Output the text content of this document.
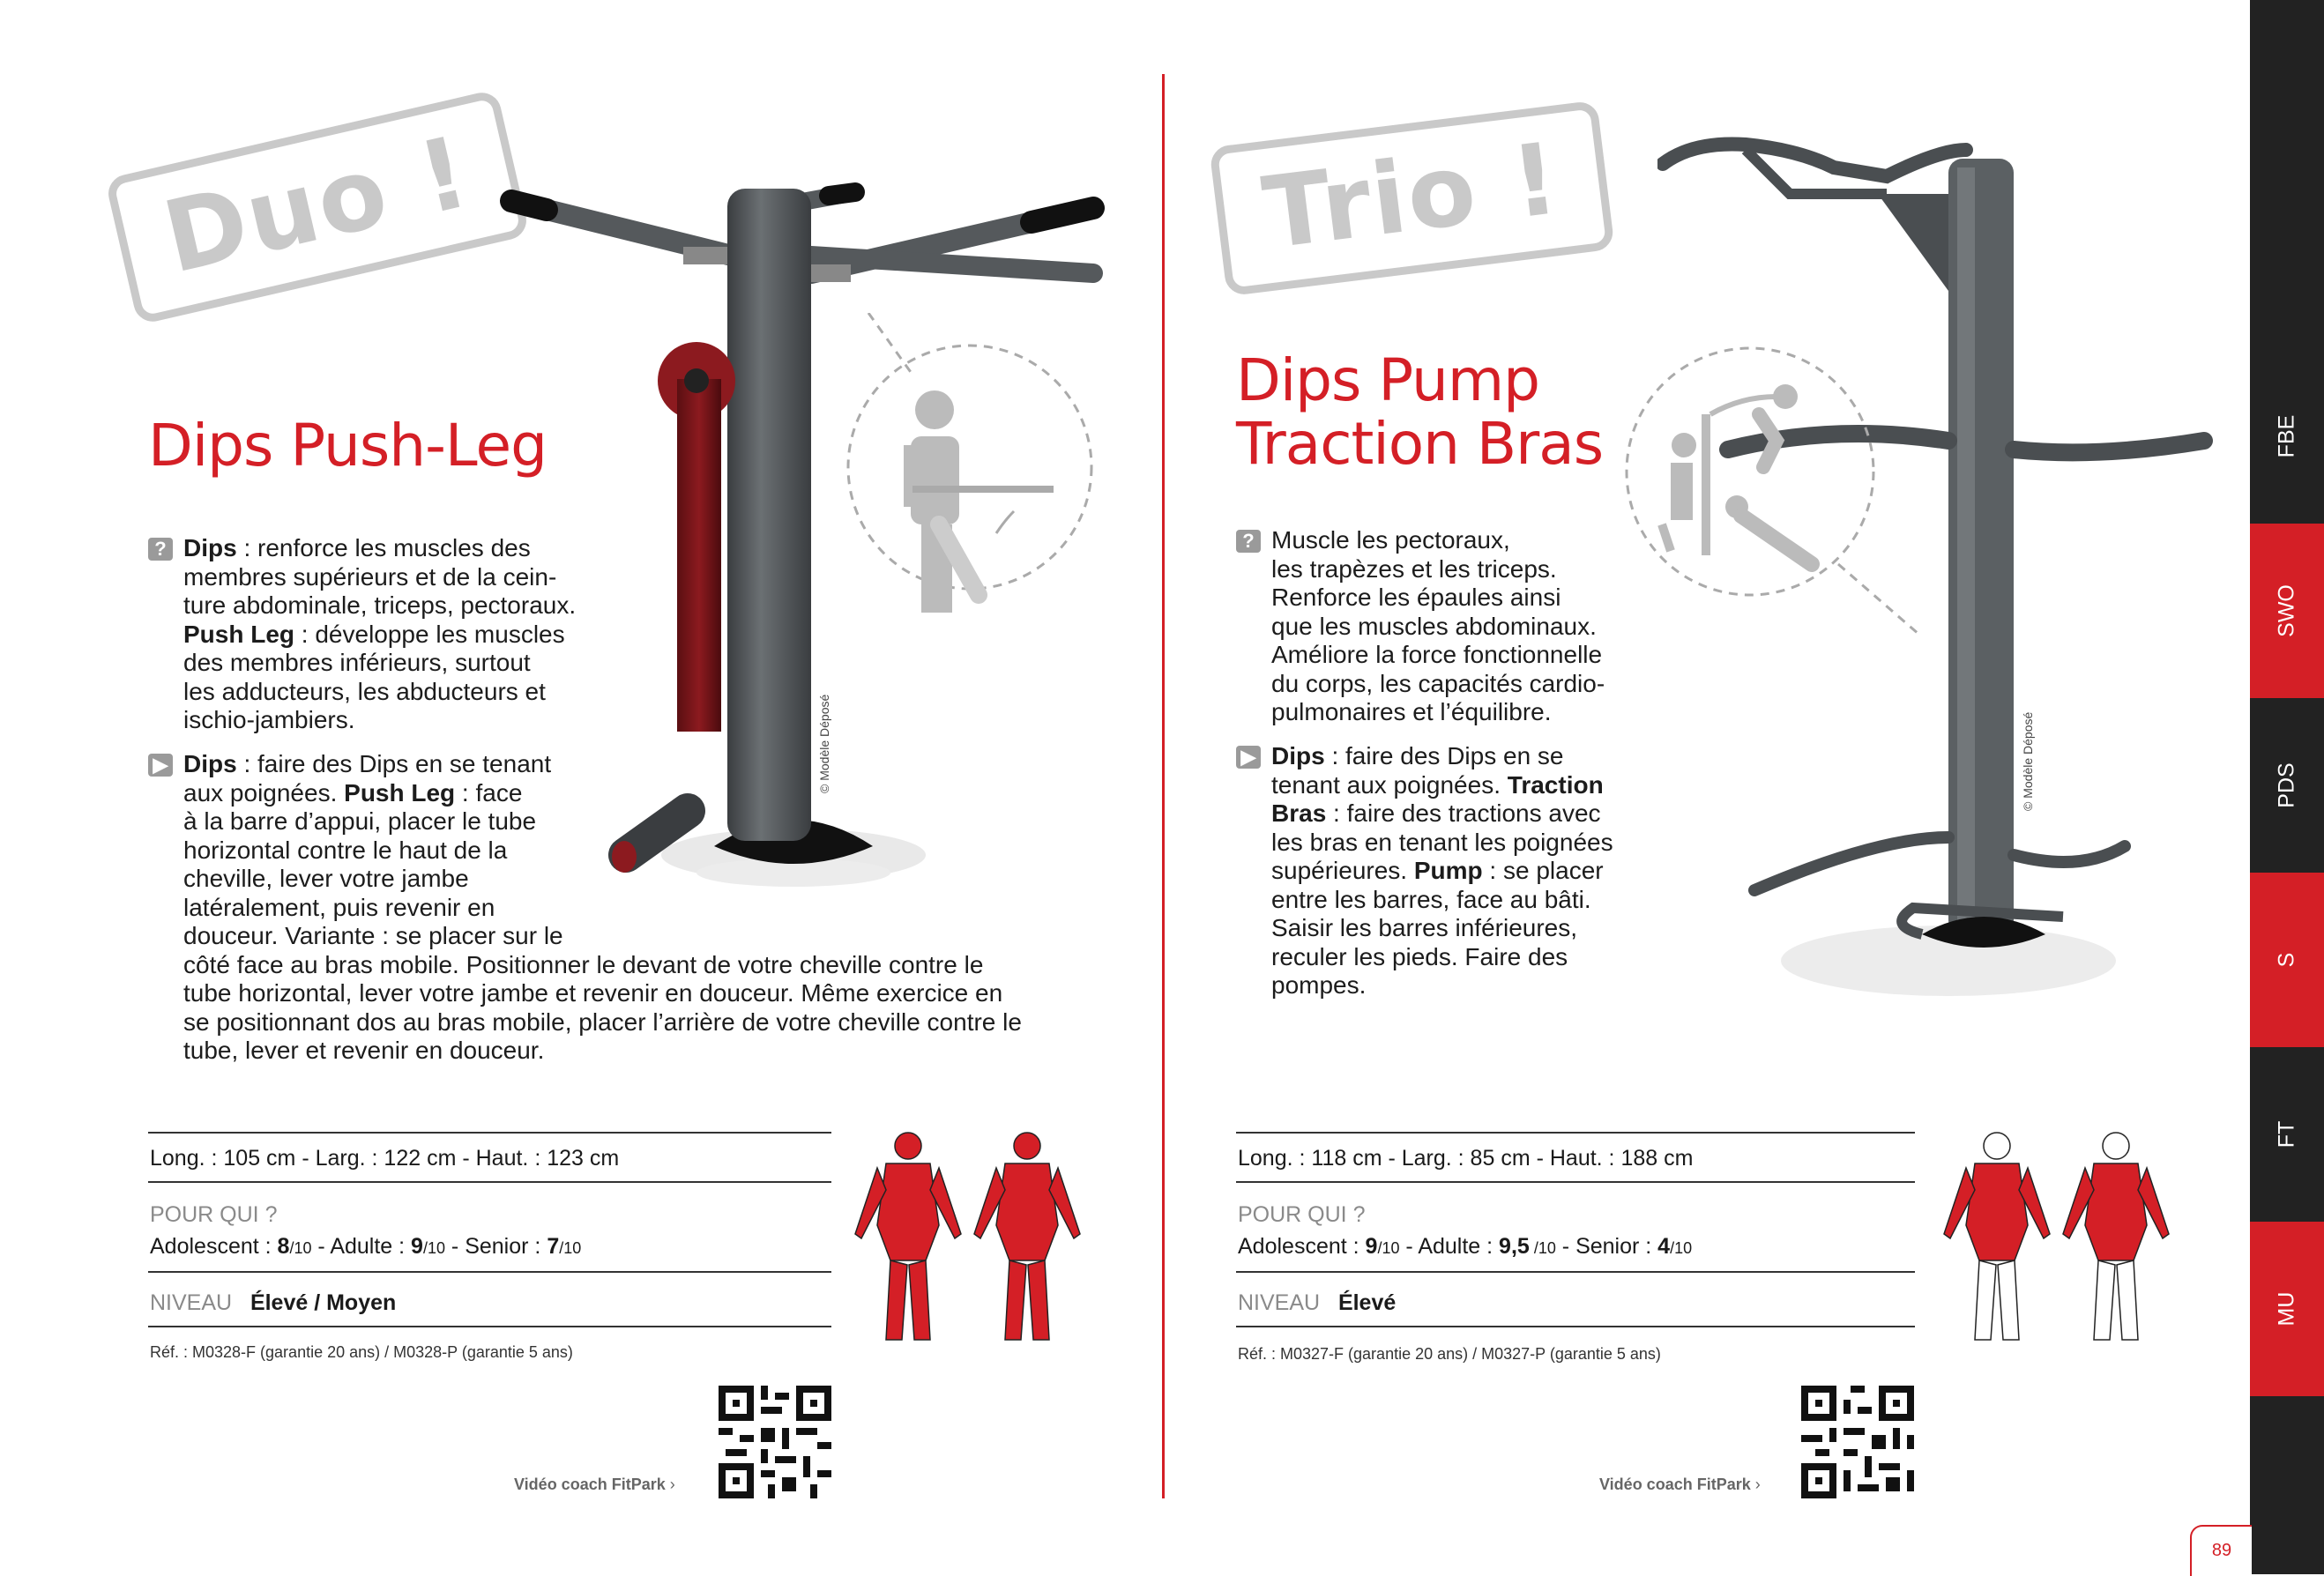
Duo !
© Modèle Déposé
Dips Push-Leg
? Dips : renforce les muscles des
membres supérieurs et de la cein-
ture abdominale, triceps, pectoraux.
Push Leg : développe les muscles
des membres inférieurs, surtout
les adducteurs, les abducteurs et
ischio-jambiers.
▶ Dips : faire des Dips en se tenant
aux poignées. Push Leg : face
à la barre d’appui, placer le tube
horizontal contre le haut de la
cheville, lever votre jambe
latéralement, puis revenir en
douceur. Variante : se placer sur le
côté face au bras mobile. Positionner le devant de votre cheville contre le
tube horizontal, lever votre jambe et revenir en douceur. Même exercice en
se positionnant dos au bras mobile, placer l’arrière de votre cheville contre le
tube, lever et revenir en douceur.
Long. : 105 cm - Larg. : 122 cm - Haut. : 123 cm
POUR QUI ?
Adolescent : 8/10 - Adulte : 9/10 - Senior : 7/10
NIVEAU Élevé / Moyen
Réf. : M0328-F (garantie 20 ans) / M0328-P (garantie 5 ans)
Vidéo coach FitPark ›
Trio !
© Modèle Déposé
Dips Pump
Traction Bras
? Muscle les pectoraux,
les trapèzes et les triceps.
Renforce les épaules ainsi
que les muscles abdominaux.
Améliore la force fonctionnelle
du corps, les capacités cardio-
pulmonaires et l’équilibre.
▶ Dips : faire des Dips en se
tenant aux poignées. Traction
Bras : faire des tractions avec
les bras en tenant les poignées
supérieures. Pump : se placer
entre les barres, face au bâti.
Saisir les barres inférieures,
reculer les pieds. Faire des
pompes.
Long. : 118 cm - Larg. : 85 cm - Haut. : 188 cm
POUR QUI ?
Adolescent : 9/10 - Adulte : 9,5 /10 - Senior : 4/10
NIVEAU Élevé
Réf. : M0327-F (garantie 20 ans) / M0327-P (garantie 5 ans)
Vidéo coach FitPark ›
FBE
SWO
PDS
S
FT
MU
89
